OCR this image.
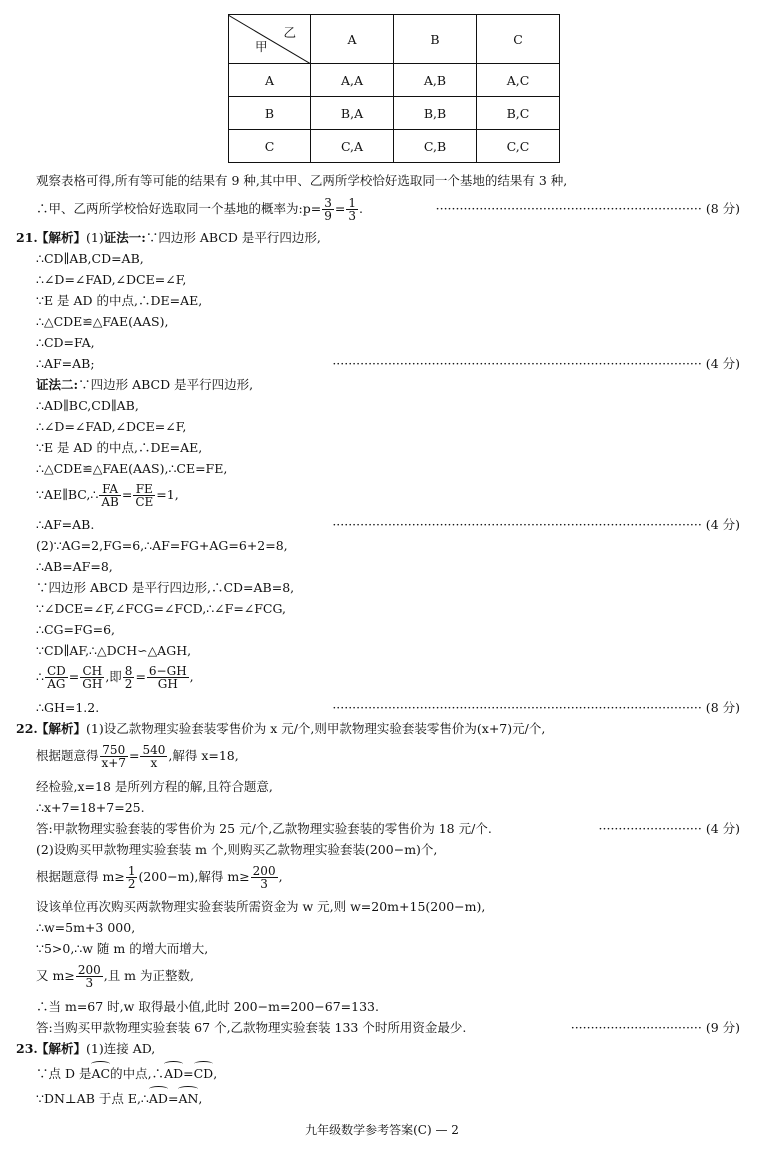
乙
甲	A	B	C
A	A,A	A,B	A,C
B	B,A	B,B	B,C
C	C,A	C,B	C,C
观察表格可得,所有等可能的结果有 9 种,其中甲、乙两所学校恰好选取同一个基地的结果有 3 种,
∴甲、乙两所学校恰好选取同一个基地的概率为:p= $\frac{3}{9} = \frac{1}{3}$ .	··································································· (8 分)
21.
【解析】(1)证法一:∵四边形 ABCD 是平行四边形,
∴CD∥AB,CD=AB,
∴∠D=∠FAD,∠DCE=∠F,
∵E 是 AD 的中点,∴DE=AE,
∴△CDE≌△FAE(AAS),
∴CD=FA,
∴AF=AB;	····························································································· (4 分)
证法二:∵四边形 ABCD 是平行四边形,
∴AD∥BC,CD∥AB,
∴∠D=∠FAD,∠DCE=∠F,
∵E 是 AD 的中点,∴DE=AE,
∴△CDE≌△FAE(AAS),∴CE=FE,
∵AE∥BC,∴ $\frac{FA}{AB} = \frac{FE}{CE} =1$,
∴AF=AB.	····························································································· (4 分)
(2)∵AG=2,FG=6,∴AF=FG+AG=6+2=8,
∴AB=AF=8,
∵四边形 ABCD 是平行四边形,∴CD=AB=8,
∵∠DCE=∠F,∠FCG=∠FCD,∴∠F=∠FCG,
∴CG=FG=6,
∵CD∥AF,∴△DCH∽△AGH,
∴ $\frac{CD}{AG} = \frac{CH}{GH}$ ,即 $\frac{8}{2} = \frac{6-GH}{GH}$ ,
∴GH=1.2.	····························································································· (8 分)
22.
【解析】(1)设乙款物理实验套装零售价为 x 元/个,则甲款物理实验套装零售价为(x+7)元/个,
根据题意得 $\frac{750}{x+7} = \frac{540}{x}$ ,解得 x=18,
经检验,x=18 是所列方程的解,且符合题意,
∴x+7=18+7=25.
答:甲款物理实验套装的零售价为 25 元/个,乙款物理实验套装的零售价为 18 元/个.	·························· (4 分)
(2)设购买甲款物理实验套装 m 个,则购买乙款物理实验套装(200−m)个,
根据题意得 $m\ge \frac{1}{2} (200-m)$,解得 $m\ge \frac{200}{3}$ ,
设该单位再次购买两款物理实验套装所需资金为 w 元,则 w=20m+15(200−m),
∴w=5m+3 000,
∵5>0,∴w 随 m 的增大而增大,
又 $m\ge \frac{200}{3}$ ,且 m 为正整数,
∴当 m=67 时,w 取得最小值,此时 200−m=200−67=133.
答:当购买甲款物理实验套装 67 个,乙款物理实验套装 133 个时所用资金最少.	································· (9 分)
23.
【解析】(1)连接 AD,
∵点 D 是AC的中点,∴AD=CD,
∵DN⊥AB 于点 E,∴AD=AN,
九年级数学参考答案(C) — 2
